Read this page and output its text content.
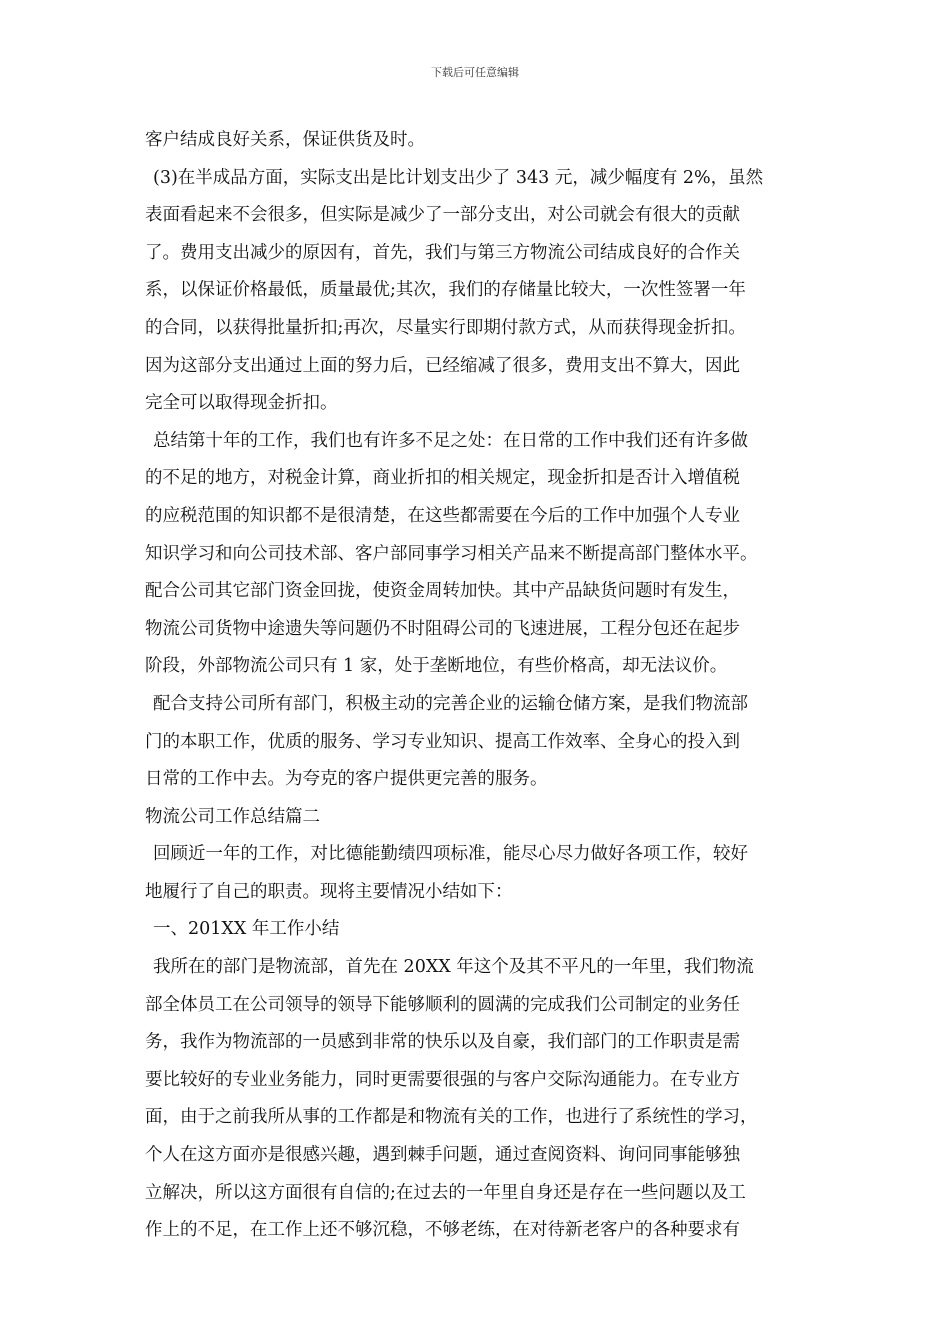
下载后可任意编辑
客户结成良好关系，保证供货及时。
(3)在半成品方面，实际支出是比计划支出少了 343 元，减少幅度有 2%，虽然
表面看起来不会很多，但实际是减少了一部分支出，对公司就会有很大的贡献
了。费用支出减少的原因有，首先，我们与第三方物流公司结成良好的合作关
系，以保证价格最低，质量最优;其次，我们的存储量比较大，一次性签署一年
的合同，以获得批量折扣;再次，尽量实行即期付款方式，从而获得现金折扣。
因为这部分支出通过上面的努力后，已经缩减了很多，费用支出不算大，因此
完全可以取得现金折扣。
总结第十年的工作，我们也有许多不足之处：在日常的工作中我们还有许多做
的不足的地方，对税金计算，商业折扣的相关规定，现金折扣是否计入增值税
的应税范围的知识都不是很清楚，在这些都需要在今后的工作中加强个人专业
知识学习和向公司技术部、客户部同事学习相关产品来不断提高部门整体水平。
配合公司其它部门资金回拢，使资金周转加快。其中产品缺货问题时有发生，
物流公司货物中途遗失等问题仍不时阻碍公司的飞速进展，工程分包还在起步
阶段，外部物流公司只有 1 家，处于垄断地位，有些价格高，却无法议价。
配合支持公司所有部门，积极主动的完善企业的运输仓储方案，是我们物流部
门的本职工作，优质的服务、学习专业知识、提高工作效率、全身心的投入到
日常的工作中去。为夸克的客户提供更完善的服务。
物流公司工作总结篇二
回顾近一年的工作，对比德能勤绩四项标准，能尽心尽力做好各项工作，较好
地履行了自己的职责。现将主要情况小结如下：
一、201XX 年工作小结
我所在的部门是物流部，首先在 20XX 年这个及其不平凡的一年里，我们物流
部全体员工在公司领导的领导下能够顺利的圆满的完成我们公司制定的业务任
务，我作为物流部的一员感到非常的快乐以及自豪，我们部门的工作职责是需
要比较好的专业业务能力，同时更需要很强的与客户交际沟通能力。在专业方
面，由于之前我所从事的工作都是和物流有关的工作，也进行了系统性的学习，
个人在这方面亦是很感兴趣，遇到棘手问题，通过查阅资料、询问同事能够独
立解决，所以这方面很有自信的;在过去的一年里自身还是存在一些问题以及工
作上的不足，在工作上还不够沉稳，不够老练，在对待新老客户的各种要求有
